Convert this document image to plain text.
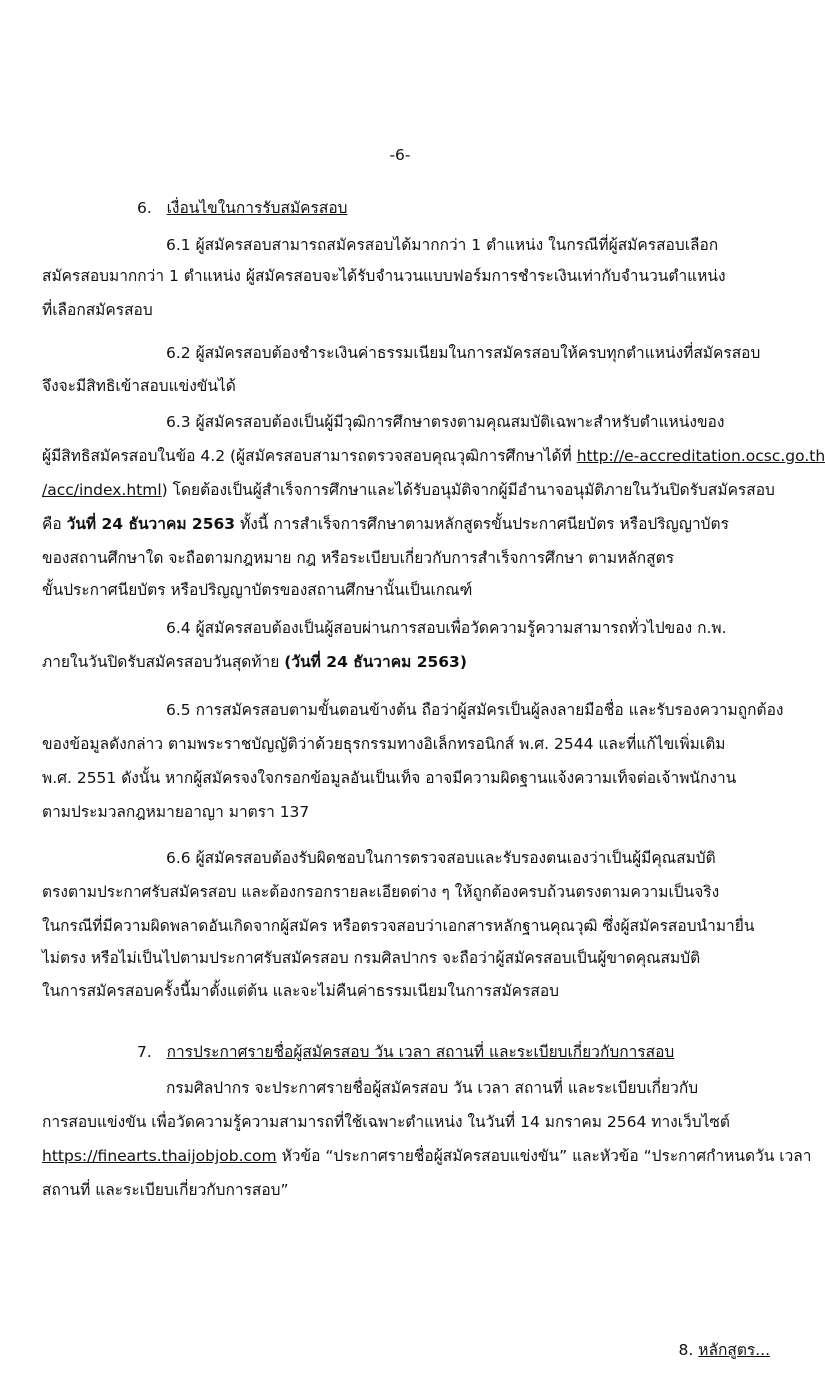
-6-
6. เงื่อนไขในการรับสมัครสอบ
6.1 ผู้สมัครสอบสามารถสมัครสอบได้มากกว่า 1 ตำแหน่ง ในกรณีที่ผู้สมัครสอบเลือก
สมัครสอบมากกว่า 1 ตำแหน่ง ผู้สมัครสอบจะได้รับจำนวนแบบฟอร์มการชำระเงินเท่ากับจำนวนตำแหน่ง
ที่เลือกสมัครสอบ
6.2 ผู้สมัครสอบต้องชำระเงินค่าธรรมเนียมในการสมัครสอบให้ครบทุกตำแหน่งที่สมัครสอบ
จึงจะมีสิทธิเข้าสอบแข่งขันได้
6.3 ผู้สมัครสอบต้องเป็นผู้มีวุฒิการศึกษาตรงตามคุณสมบัติเฉพาะสำหรับตำแหน่งของ
ผู้มีสิทธิสมัครสอบในข้อ 4.2 (ผู้สมัครสอบสามารถตรวจสอบคุณวุฒิการศึกษาได้ที่ http://e-accreditation.ocsc.go.th
/acc/index.html) โดยต้องเป็นผู้สำเร็จการศึกษาและได้รับอนุมัติจากผู้มีอำนาจอนุมัติภายในวันปิดรับสมัครสอบ
คือ วันที่ 24 ธันวาคม 2563 ทั้งนี้ การสำเร็จการศึกษาตามหลักสูตรขั้นประกาศนียบัตร หรือปริญญาบัตร
ของสถานศึกษาใด จะถือตามกฎหมาย กฎ หรือระเบียบเกี่ยวกับการสำเร็จการศึกษา ตามหลักสูตร
ขั้นประกาศนียบัตร หรือปริญญาบัตรของสถานศึกษานั้นเป็นเกณฑ์
6.4 ผู้สมัครสอบต้องเป็นผู้สอบผ่านการสอบเพื่อวัดความรู้ความสามารถทั่วไปของ ก.พ.
ภายในวันปิดรับสมัครสอบวันสุดท้าย (วันที่ 24 ธันวาคม 2563)
6.5 การสมัครสอบตามขั้นตอนข้างต้น ถือว่าผู้สมัครเป็นผู้ลงลายมือชื่อ และรับรองความถูกต้อง
ของข้อมูลดังกล่าว ตามพระราชบัญญัติว่าด้วยธุรกรรมทางอิเล็กทรอนิกส์ พ.ศ. 2544 และที่แก้ไขเพิ่มเติม
พ.ศ. 2551 ดังนั้น หากผู้สมัครจงใจกรอกข้อมูลอันเป็นเท็จ อาจมีความผิดฐานแจ้งความเท็จต่อเจ้าพนักงาน
ตามประมวลกฎหมายอาญา มาตรา 137
6.6 ผู้สมัครสอบต้องรับผิดชอบในการตรวจสอบและรับรองตนเองว่าเป็นผู้มีคุณสมบัติ
ตรงตามประกาศรับสมัครสอบ และต้องกรอกรายละเอียดต่าง ๆ ให้ถูกต้องครบถ้วนตรงตามความเป็นจริง
ในกรณีที่มีความผิดพลาดอันเกิดจากผู้สมัคร หรือตรวจสอบว่าเอกสารหลักฐานคุณวุฒิ ซึ่งผู้สมัครสอบนำมายื่น
ไม่ตรง หรือไม่เป็นไปตามประกาศรับสมัครสอบ กรมศิลปากร จะถือว่าผู้สมัครสอบเป็นผู้ขาดคุณสมบัติ
ในการสมัครสอบครั้งนี้มาตั้งแต่ต้น และจะไม่คืนค่าธรรมเนียมในการสมัครสอบ
7. การประกาศรายชื่อผู้สมัครสอบ วัน เวลา สถานที่ และระเบียบเกี่ยวกับการสอบ
กรมศิลปากร จะประกาศรายชื่อผู้สมัครสอบ วัน เวลา สถานที่ และระเบียบเกี่ยวกับ
การสอบแข่งขัน เพื่อวัดความรู้ความสามารถที่ใช้เฉพาะตำแหน่ง ในวันที่ 14 มกราคม 2564 ทางเว็บไซต์
https://finearts.thaijobjob.com หัวข้อ “ประกาศรายชื่อผู้สมัครสอบแข่งขัน” และหัวข้อ “ประกาศกำหนดวัน เวลา
สถานที่ และระเบียบเกี่ยวกับการสอบ”
8. หลักสูตร...
